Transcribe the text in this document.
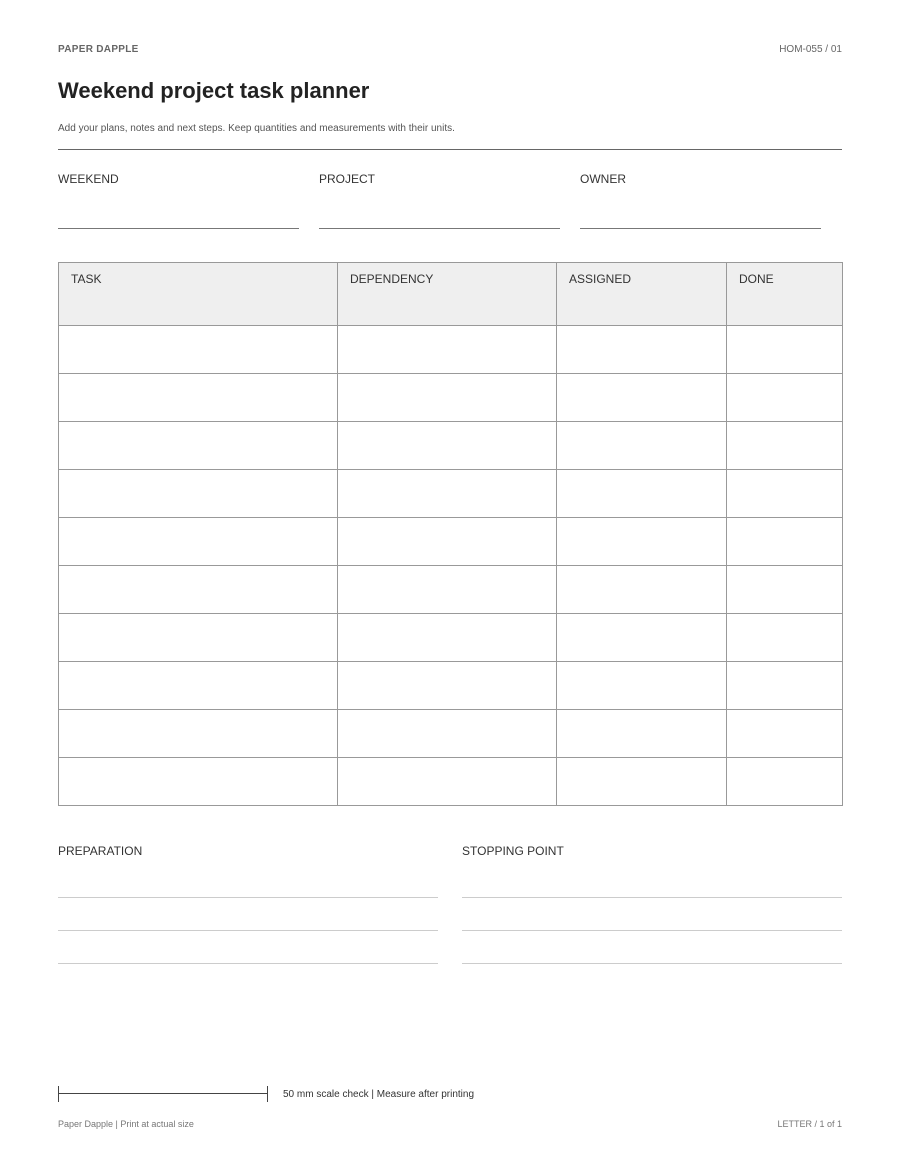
PAPER DAPPLE	HOM-055 / 01
Weekend project task planner

Add your plans, notes and next steps. Keep quantities and measurements with their units.

WEEKEND	PROJECT	OWNER
TASK	DEPENDENCY	ASSIGNED	DONE

PREPARATION	STOPPING POINT
50 mm scale check | Measure after printing
Paper Dapple | Print at actual size	LETTER / 1 of 1
